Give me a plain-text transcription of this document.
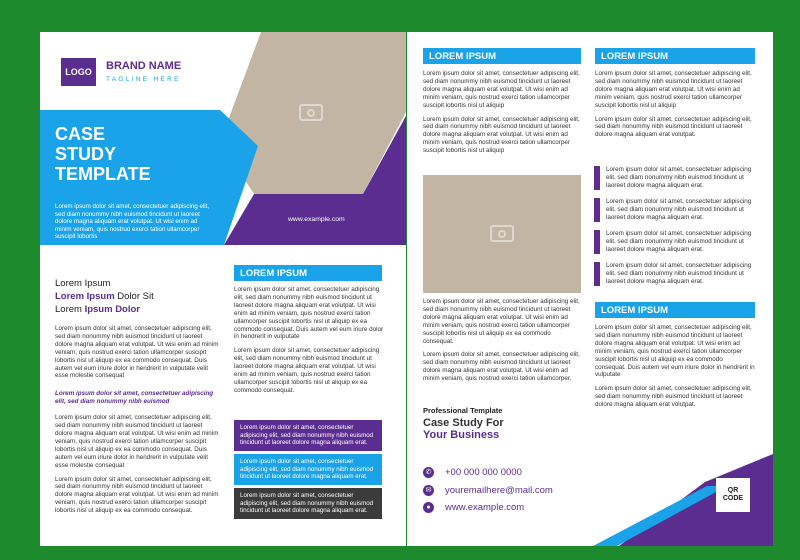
LOGO	BRAND NAME
TAGLINE HERE
CASE
STUDY
TEMPLATE
Lorem ipsum dolor sit amet, consectetuer adipiscing elit, sed diam nonummy nibh euismod tincidunt ut laoreet dolore magna aliquam erat volutpat. Ut wisi enim ad minim veniam, quis nostrud exerci tation ullamcorper suscipit lobortis
www.example.com
Lorem Ipsum
Lorem Ipsum Dolor Sit
Lorem Ipsum Dolor

Lorem ipsum dolor sit amet, consectetuer adipiscing elit, sed diam nonummy nibh euismod tincidunt ut laoreet dolore magna aliquam erat volutpat. Ut wisi enim ad minim veniam, quis nostrud exerci tation ullamcorper suscipit lobortis nisl ut aliquip ex ea commodo consequat. Duis autem vel eum iriure dolor in hendrerit in vulputate velit esse molestie consequat

Lorem ipsum dolor sit amet, consectetuer adipiscing elit, sed diam nonummy nibh euismod

Lorem ipsum dolor sit amet, consectetuer adipiscing elit, sed diam nonummy nibh euismod tincidunt ut laoreet dolore magna aliquam erat volutpat. Ut wisi enim ad minim veniam, quis nostrud exerci tation ullamcorper suscipit lobortis nisl ut aliquip ex ea commodo consequat. Duis autem vel eum iriure dolor in hendrerit in vulputate velit esse molestie consequat

Lorem ipsum dolor sit amet, consectetuer adipiscing elit, sed diam nonummy nibh euismod tincidunt ut laoreet dolore magna aliquam erat volutpat. Ut wisi enim ad minim veniam, quis nostrud exerci tation ullamcorper suscipit lobortis nisl ut aliquip ex ea commodo consequat.

LOREM IPSUM

Lorem ipsum dolor sit amet, consectetuer adipiscing elit, sed diam nonummy nibh euismod tincidunt ut laoreet dolore magna aliquam erat volutpat. Ut wisi enim ad minim veniam, quis nostrud exerci tation ullamcorper suscipit lobortis nisl ut aliquip ex ea commodo consequat. Duis autem vel eum iriure dolor in hendrerit in vulputate

Lorem ipsum dolor sit amet, consectetuer adipiscing elit, sed diam nonummy nibh euismod tincidunt ut laoreet dolore magna aliquam erat volutpat. Ut wisi enim ad minim veniam, quis nostrud exerci tation ullamcorper suscipit lobortis nisl ut aliquip ex ea commodo consequat.

Lorem ipsum dolor sit amet, consectetuer adipiscing elit, sed diam nonummy nibh euismod tincidunt ut laoreet dolore magna aliquam erat.
Lorem ipsum dolor sit amet, consectetuer adipiscing elit, sed diam nonummy nibh euismod tincidunt ut laoreet dolore magna aliquam erat.
Lorem ipsum dolor sit amet, consectetuer adipiscing elit, sed diam nonummy nibh euismod tincidunt ut laoreet dolore magna aliquam erat.
LOREM IPSUM

Lorem ipsum dolor sit amet, consectetuer adipiscing elit, sed diam nonummy nibh euismod tincidunt ut laoreet dolore magna aliquam erat volutpat. Ut wisi enim ad minim veniam, quis nostrud exerci tation ullamcorper suscipit lobortis nisl ut aliquip

Lorem ipsum dolor sit amet, consectetuer adipiscing elit, sed diam nonummy nibh euismod tincidunt ut laoreet dolore magna aliquam erat volutpat. Ut wisi enim ad minim veniam, quis nostrud exerci tation ullamcorper suscipit lobortis nisl ut aliquip

Lorem ipsum dolor sit amet, consectetuer adipiscing elit, sed diam nonummy nibh euismod tincidunt ut laoreet dolore magna aliquam erat volutpat. Ut wisi enim ad minim veniam, quis nostrud exerci tation ullamcorper suscipit lobortis nisl ut aliquip ex ea commodo consequat.

Lorem ipsum dolor sit amet, consectetuer adipiscing elit, sed diam nonummy nibh euismod tincidunt ut laoreet dolore magna aliquam erat volutpat. Ut wisi enim ad minim veniam, quis nostrud exerci tation ullamcorper.

Professional Template
Case Study For
Your Business
✆ +00 000 000 0000
✉ youremailhere@mail.com
●	www.example.com
QR
CODE
LOREM IPSUM

Lorem ipsum dolor sit amet, consectetuer adipiscing elit, sed diam nonummy nibh euismod tincidunt ut laoreet dolore magna aliquam erat volutpat. Ut wisi enim ad minim veniam, quis nostrud exerci tation ullamcorper suscipit lobortis nisl ut aliquip

Lorem ipsum dolor sit amet, consectetuer adipiscing elit, sed diam nonummy nibh euismod tincidunt ut laoreet dolore magna aliquam erat volutpat.

Lorem ipsum dolor sit amet, consectetuer adipiscing elit, sed diam nonummy nibh euismod tincidunt ut laoreet dolore magna aliquam erat.
Lorem ipsum dolor sit amet, consectetuer adipiscing elit, sed diam nonummy nibh euismod tincidunt ut laoreet dolore magna aliquam erat.
Lorem ipsum dolor sit amet, consectetuer adipiscing elit, sed diam nonummy nibh euismod tincidunt ut laoreet dolore magna aliquam erat.
Lorem ipsum dolor sit amet, consectetuer adipiscing elit, sed diam nonummy nibh euismod tincidunt ut laoreet dolore magna aliquam erat.
LOREM IPSUM

Lorem ipsum dolor sit amet, consectetuer adipiscing elit, sed diam nonummy nibh euismod tincidunt ut laoreet dolore magna aliquam erat volutpat. Ut wisi enim ad minim veniam, quis nostrud exerci tation ullamcorper suscipit lobortis nisl ut aliquip ex ea commodo consequat. Duis autem vel eum iriure dolor in hendrerit in vulputate

Lorem ipsum dolor sit amet, consectetuer adipiscing elit, sed diam nonummy nibh euismod tincidunt ut laoreet dolore magna aliquam erat volutpat.
